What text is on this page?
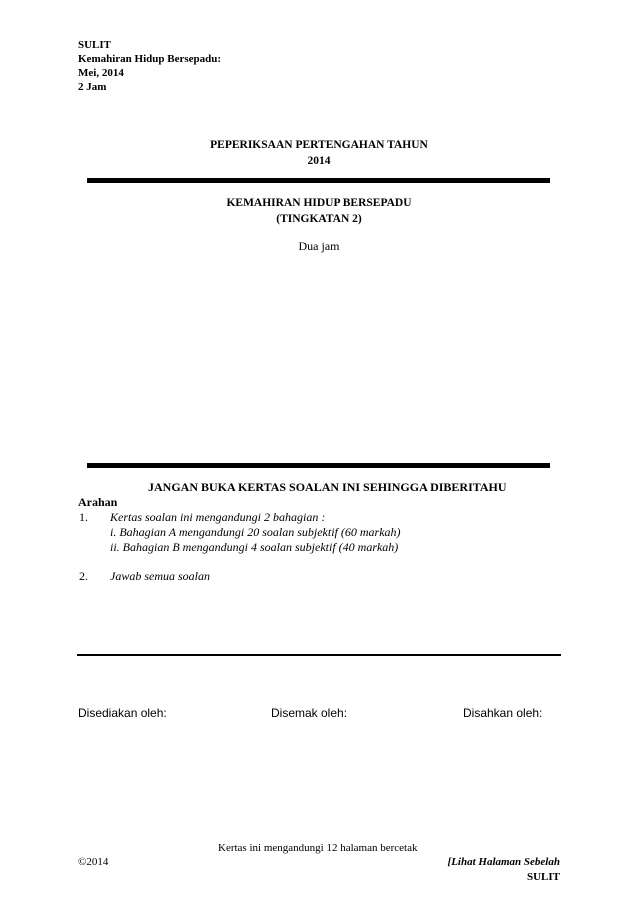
SULIT
Kemahiran Hidup Bersepadu:
Mei, 2014
2 Jam
PEPERIKSAAN PERTENGAHAN TAHUN
2014
KEMAHIRAN HIDUP BERSEPADU
(TINGKATAN 2)
Dua jam
JANGAN BUKA KERTAS SOALAN INI SEHINGGA DIBERITAHU
Arahan
1. Kertas soalan ini mengandungi 2 bahagian :
i. Bahagian A mengandungi 20 soalan subjektif (60 markah)
ii. Bahagian B mengandungi 4 soalan subjektif (40 markah)
2. Jawab semua soalan
Disediakan oleh:	Disemak oleh:	Disahkan oleh:
Kertas ini mengandungi 12 halaman bercetak
©2014	[Lihat Halaman Sebelah
SULIT
